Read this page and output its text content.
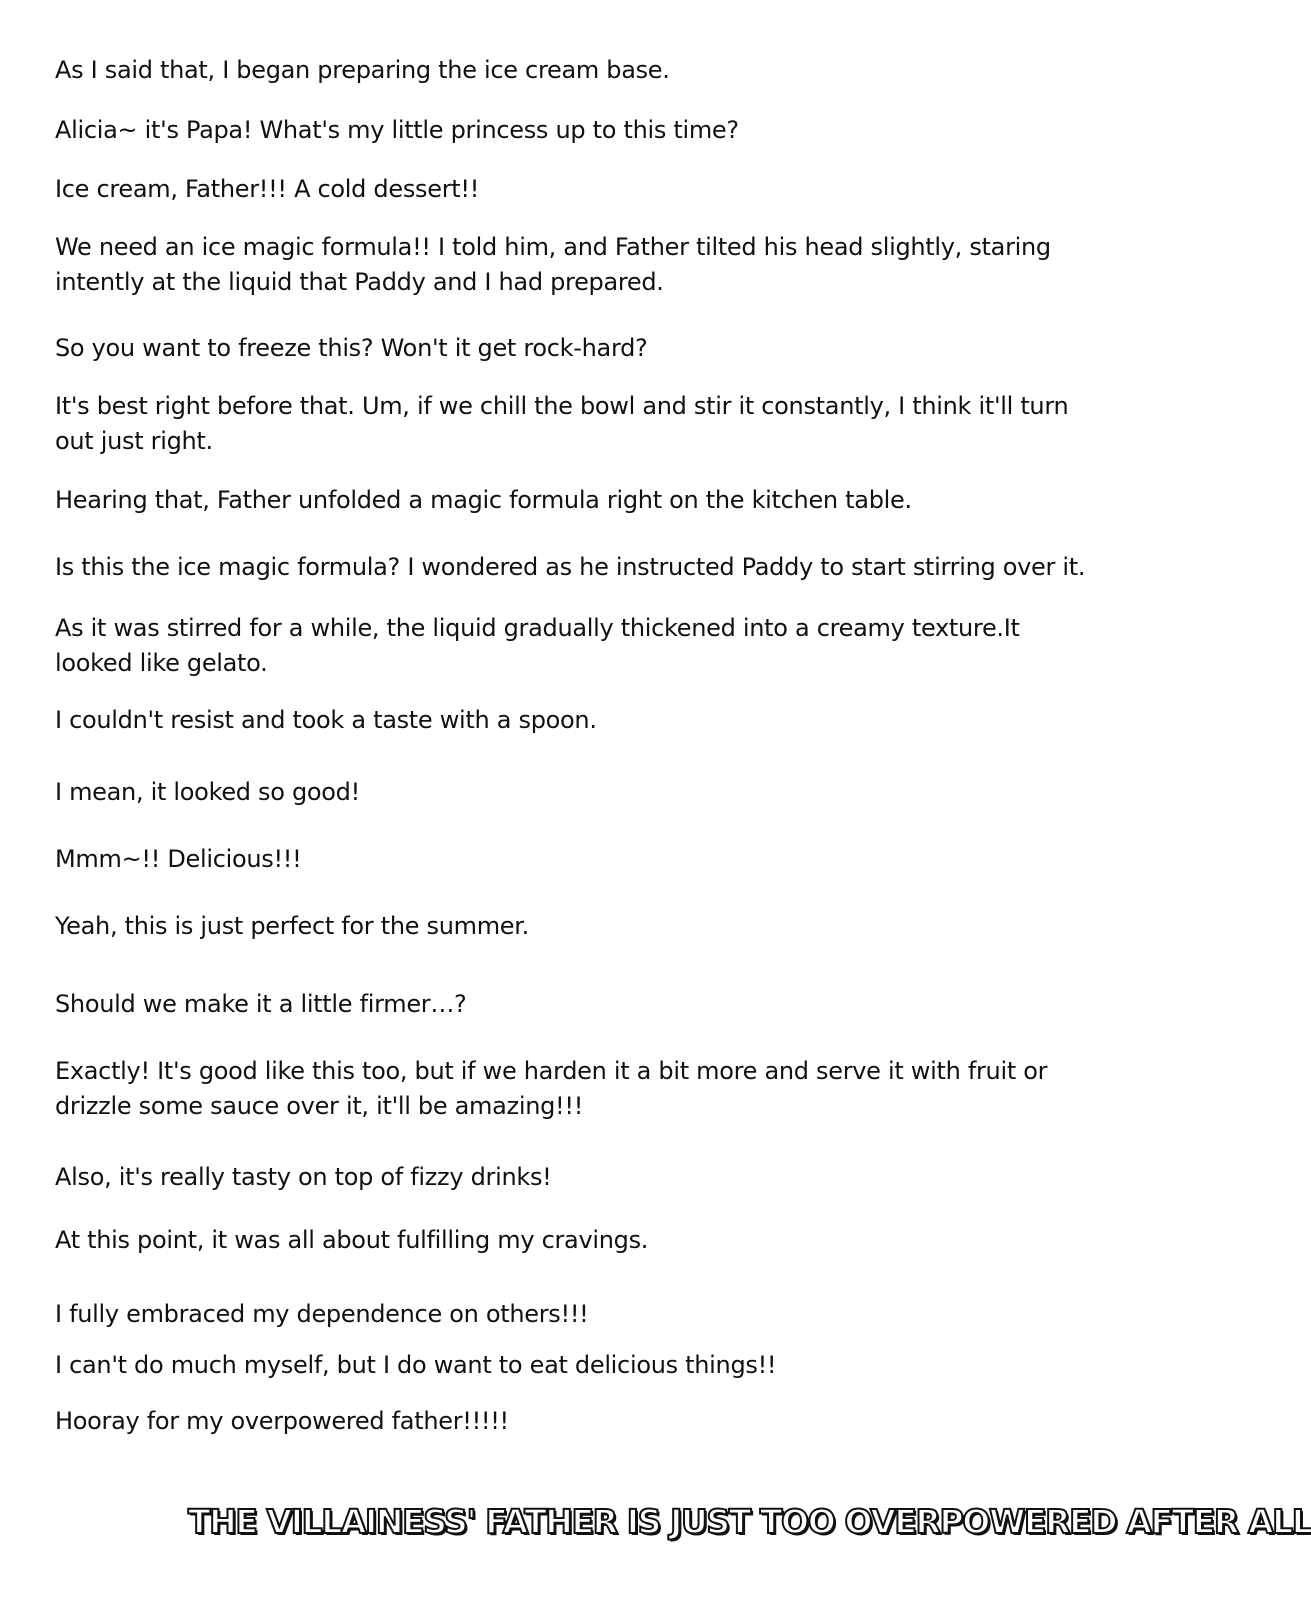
As I said that, I began preparing the ice cream base.

Alicia~ it's Papa! What's my little princess up to this time?

Ice cream, Father!!! A cold dessert!!

We need an ice magic formula!! I told him, and Father tilted his head slightly, staring intently at the liquid that Paddy and I had prepared.

So you want to freeze this? Won't it get rock-hard?

It's best right before that. Um, if we chill the bowl and stir it constantly, I think it'll turn out just right.

Hearing that, Father unfolded a magic formula right on the kitchen table.

Is this the ice magic formula? I wondered as he instructed Paddy to start stirring over it.

As it was stirred for a while, the liquid gradually thickened into a creamy texture.It looked like gelato.

I couldn't resist and took a taste with a spoon.

I mean, it looked so good!

Mmm~!! Delicious!!!

Yeah, this is just perfect for the summer.

Should we make it a little firmer…?

Exactly! It's good like this too, but if we harden it a bit more and serve it with fruit or drizzle some sauce over it, it'll be amazing!!!

Also, it's really tasty on top of fizzy drinks!

At this point, it was all about fulfilling my cravings.

I fully embraced my dependence on others!!!

I can't do much myself, but I do want to eat delicious things!!

Hooray for my overpowered father!!!!!

THE VILLAINESS' FATHER IS JUST TOO OVERPOWERED AFTER ALL
